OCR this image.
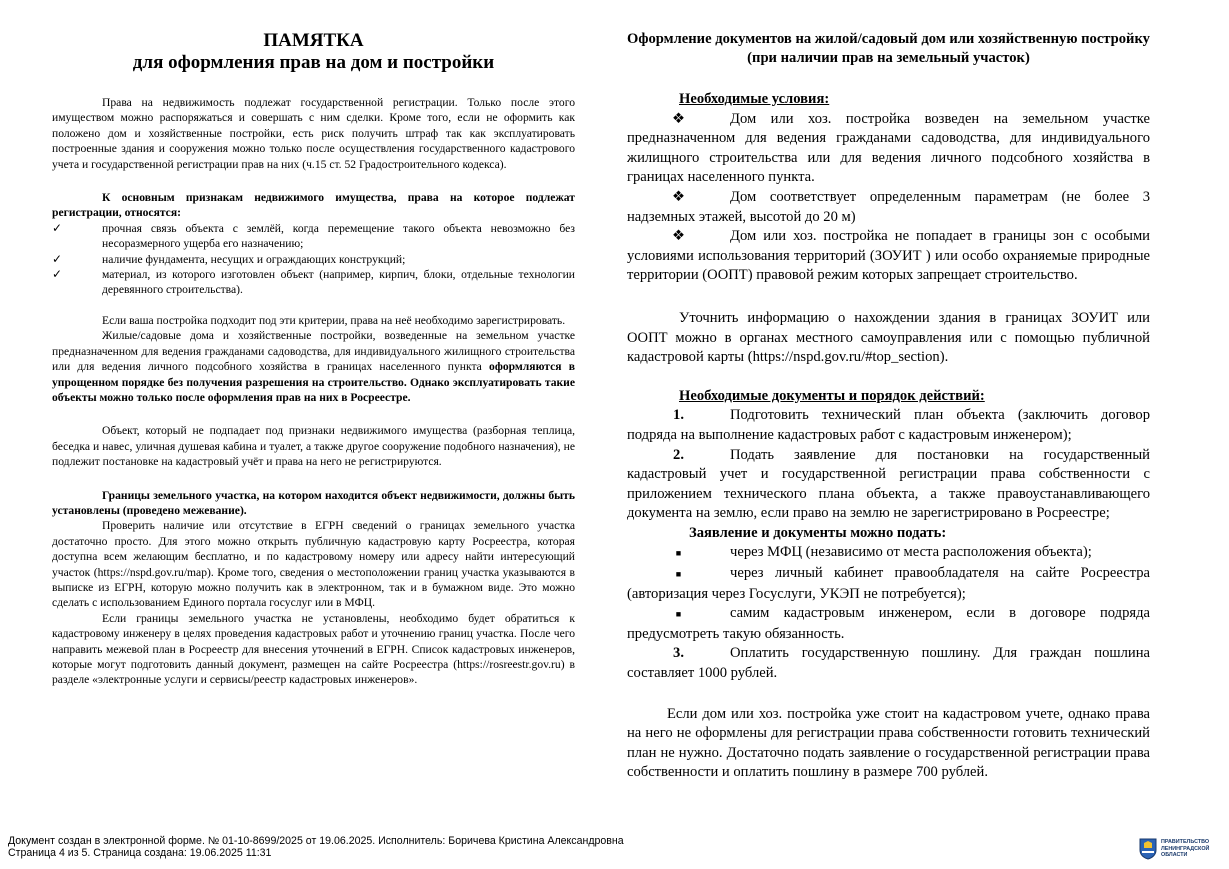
ПАМЯТКА

для оформления прав на дом и постройки

Права на недвижимость подлежат государственной регистрации. Только после этого имуществом можно распоряжаться и совершать с ним сделки. Кроме того, если не оформить как положено дом и хозяйственные постройки, есть риск получить штраф так как эксплуатировать построенные здания и сооружения можно только после осуществления государственного кадастрового учета и государственной регистрации прав на них (ч.15 ст. 52 Градостроительного кодекса).

К основным признакам недвижимого имущества, права на которое подлежат регистрации, относятся:

✓	прочная связь объекта с землёй, когда перемещение такого объекта невозможно без несоразмерного ущерба его назначению;
✓	наличие фундамента, несущих и ограждающих конструкций;
✓	материал, из которого изготовлен объект (например, кирпич, блоки, отдельные технологии деревянного строительства).

Если ваша постройка подходит под эти критерии, права на неё необходимо зарегистрировать.

Жилые/садовые дома и хозяйственные постройки, возведенные на земельном участке предназначенном для ведения гражданами садоводства, для индивидуального жилищного строительства или для ведения личного подсобного хозяйства в границах населенного пункта оформляются в упрощенном порядке без получения разрешения на строительство. Однако эксплуатировать такие объекты можно только после оформления прав на них в Росреестре.

Объект, который не подпадает под признаки недвижимого имущества (разборная теплица, беседка и навес, уличная душевая кабина и туалет, а также другое сооружение подобного назначения), не подлежит постановке на кадастровый учёт и права на него не регистрируются.

Границы земельного участка, на котором находится объект недвижимости, должны быть установлены (проведено межевание).

Проверить наличие или отсутствие в ЕГРН сведений о границах земельного участка достаточно просто. Для этого можно открыть публичную кадастровую карту Росреестра, которая доступна всем желающим бесплатно, и по кадастровому номеру или адресу найти интересующий участок (https://nspd.gov.ru/map). Кроме того, сведения о местоположении границ участка указываются в выписке из ЕГРН, которую можно получить как в электронном, так и в бумажном виде. Это можно сделать с использованием Единого портала госуслуг или в МФЦ.

Если границы земельного участка не установлены, необходимо будет обратиться к кадастровому инженеру в целях проведения кадастровых работ и уточнению границ участка. После чего направить межевой план в Росреестр для внесения уточнений в ЕГРН. Список кадастровых инженеров, которые могут подготовить данный документ, размещен на сайте Росреестра (https://rosreestr.gov.ru) в разделе «электронные услуги и сервисы/реестр кадастровых инженеров».

Оформление документов на жилой/садовый дом или хозяйственную постройку (при наличии прав на земельный участок)

Необходимые условия:

❖	Дом или хоз. постройка возведен на земельном участке предназначенном для ведения гражданами садоводства, для индивидуального жилищного строительства или для ведения личного подсобного хозяйства в границах населенного пункта.

❖	Дом соответствует определенным параметрам (не более 3 надземных этажей, высотой до 20 м)

❖	Дом или хоз. постройка не попадает в границы зон с особыми условиями использования территорий (ЗОУИТ ) или особо охраняемые природные территории (ООПТ) правовой режим которых запрещает строительство.

Уточнить информацию о нахождении здания в границах ЗОУИТ или ООПТ можно в органах местного самоуправления или с помощью публичной кадастровой карты (https://nspd.gov.ru/#top_section).

Необходимые документы и порядок действий:

1.	Подготовить технический план объекта (заключить договор подряда на выполнение кадастровых работ с кадастровым инженером);

2.	Подать заявление для постановки на государственный кадастровый учет и государственной регистрации права собственности с приложением технического плана объекта, а также правоустанавливающего документа на землю, если право на землю не зарегистрировано в Росреестре;

Заявление и документы можно подать:

■	через МФЦ (независимо от места расположения объекта);

■	через личный кабинет правообладателя на сайте Росреестра (авторизация через Госуслуги, УКЭП не потребуется);

■	самим кадастровым инженером, если в договоре подряда предусмотреть такую обязанность.

3.	Оплатить государственную пошлину. Для граждан пошлина составляет 1000 рублей.

Если дом или хоз. постройка уже стоит на кадастровом учете, однако права на него не оформлены для регистрации права собственности готовить технический план не нужно. Достаточно подать заявление о государственной регистрации права собственности и оплатить пошлину в размере 700 рублей.

Документ создан в электронной форме. № 01-10-8699/2025 от 19.06.2025. Исполнитель: Боричева Кристина Александровна
Страница 4 из 5. Страница создана: 19.06.2025 11:31
ПРАВИТЕЛЬСТВО
ЛЕНИНГРАДСКОЙ
ОБЛАСТИ
